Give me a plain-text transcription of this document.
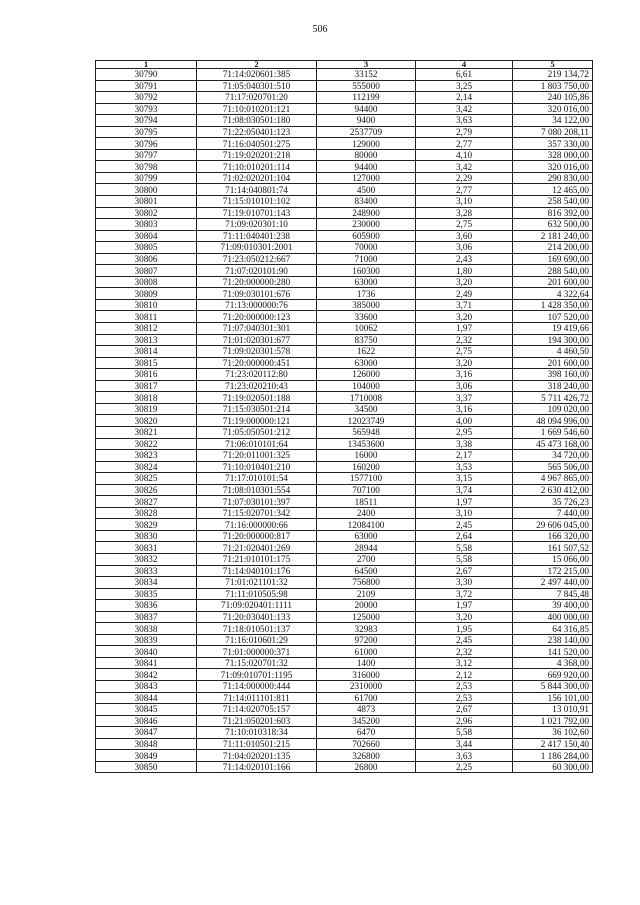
506
1	2	3	4	5
30790	71:14:020601:385	33152	6,61	219 134,72
30791	71:05:040301:510	555000	3,25	1 803 750,00
30792	71:17:020701:20	112199	2,14	240 105,86
30793	71:10:010201:121	94400	3,42	320 016,00
30794	71:08:030501:180	9400	3,63	34 122,00
30795	71:22:050401:123	2537709	2,79	7 080 208,11
30796	71:16:040501:275	129000	2,77	357 330,00
30797	71:19:020201:218	80000	4,10	328 000,00
30798	71:10:010201:114	94400	3,42	320 016,00
30799	71:02:020201:104	127000	2,29	290 830,00
30800	71:14:040801:74	4500	2,77	12 465,00
30801	71:15:010101:102	83400	3,10	258 540,00
30802	71:19:010701:143	248900	3,28	816 392,00
30803	71:09:020301:10	230000	2,75	632 500,00
30804	71:11:040401:238	605900	3,60	2 181 240,00
30805	71:09:010301:2001	70000	3,06	214 200,00
30806	71:23:050212:667	71000	2,43	169 690,00
30807	71:07:020101:90	160300	1,80	288 540,00
30808	71:20:000000:280	63000	3,20	201 600,00
30809	71:09:030101:676	1736	2,49	4 322,64
30810	71:13:000000:76	385000	3,71	1 428 350,00
30811	71:20:000000:123	33600	3,20	107 520,00
30812	71:07:040301:301	10062	1,97	19 419,66
30813	71:01:020301:677	83750	2,32	194 300,00
30814	71:09:020301:578	1622	2,75	4 460,50
30815	71:20:000000:451	63000	3,20	201 600,00
30816	71:23:020112:80	126000	3,16	398 160,00
30817	71:23:020210:43	104000	3,06	318 240,00
30818	71:19:020501:188	1710008	3,37	5 711 426,72
30819	71:15:030501:214	34500	3,16	109 020,00
30820	71:19:000000:121	12023749	4,00	48 094 996,00
30821	71:05:050501:212	565948	2,95	1 669 546,60
30822	71:06:010101:64	13453600	3,38	45 473 168,00
30823	71:20:011001:325	16000	2,17	34 720,00
30824	71:10:010401:210	160200	3,53	565 506,00
30825	71:17:010101:54	1577100	3,15	4 967 865,00
30826	71:08:010301:554	707100	3,74	2 630 412,00
30827	71:07:030101:397	18511	1,97	35 726,23
30828	71:15:020701:342	2400	3,10	7 440,00
30829	71:16:000000:66	12084100	2,45	29 606 045,00
30830	71:20:000000:817	63000	2,64	166 320,00
30831	71:21:020401:269	28944	5,58	161 507,52
30832	71:21:010101:175	2700	5,58	15 066,00
30833	71:14:040101:176	64500	2,67	172 215,00
30834	71:01:021101:32	756800	3,30	2 497 440,00
30835	71:11:010505:98	2109	3,72	7 845,48
30836	71:09:020401:1111	20000	1,97	39 400,00
30837	71:20:030401:133	125000	3,20	400 000,00
30838	71:18:010501:137	32983	1,95	64 316,85
30839	71:16:010601:29	97200	2,45	238 140,00
30840	71:01:000000:371	61000	2,32	141 520,00
30841	71:15:020701:32	1400	3,12	4 368,00
30842	71:09:010701:1195	316000	2,12	669 920,00
30843	71:14:000000:444	2310000	2,53	5 844 300,00
30844	71:14:011101:811	61700	2,53	156 101,00
30845	71:14:020705:157	4873	2,67	13 010,91
30846	71:21:050201:603	345200	2,96	1 021 792,00
30847	71:10:010318:34	6470	5,58	36 102,60
30848	71:11:010501:215	702660	3,44	2 417 150,40
30849	71:04:020201:135	326800	3,63	1 186 284,00
30850	71:14:020101:166	26800	2,25	60 300,00
